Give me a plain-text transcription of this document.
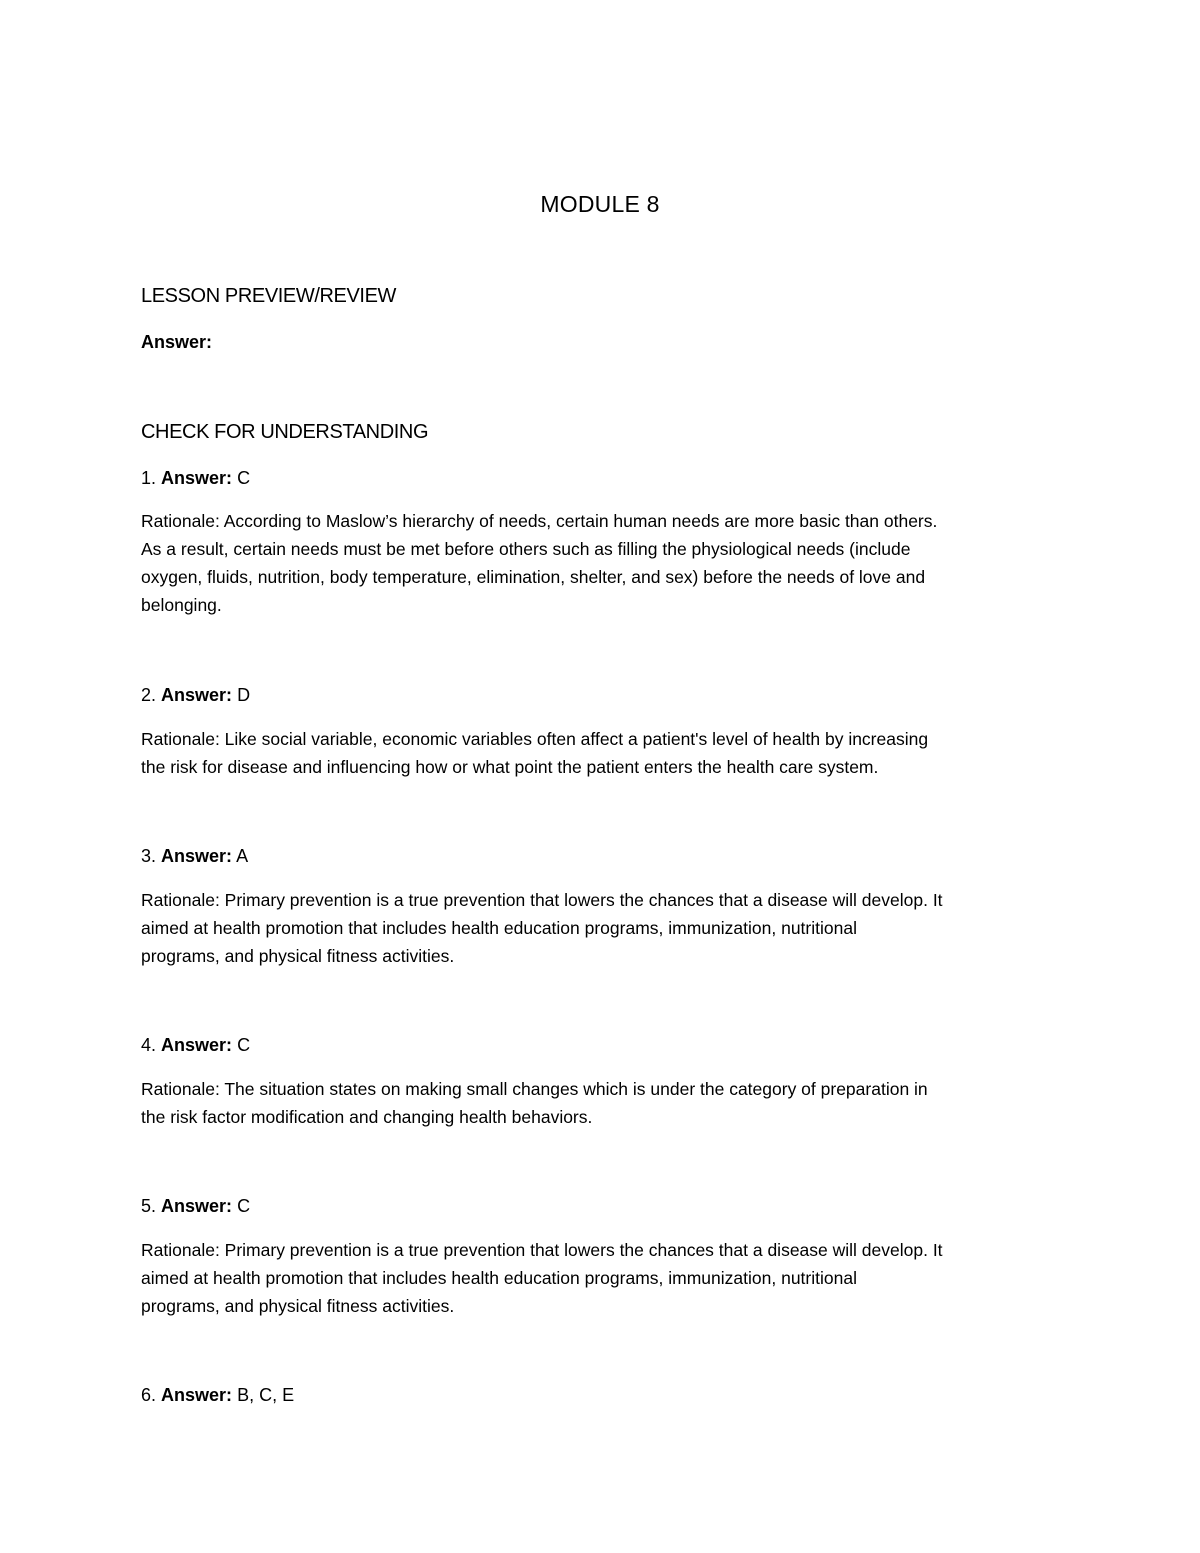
MODULE 8
LESSON PREVIEW/REVIEW
Answer:
CHECK FOR UNDERSTANDING
1. Answer: C

Rationale: According to Maslow’s hierarchy of needs, certain human needs are more basic than others.

As a result, certain needs must be met before others such as filling the physiological needs (include

oxygen, fluids, nutrition, body temperature, elimination, shelter, and sex) before the needs of love and

belonging.

2. Answer: D

Rationale: Like social variable, economic variables often affect a patient's level of health by increasing

the risk for disease and influencing how or what point the patient enters the health care system.

3. Answer: A

Rationale: Primary prevention is a true prevention that lowers the chances that a disease will develop. It

aimed at health promotion that includes health education programs, immunization, nutritional

programs, and physical fitness activities.

4. Answer: C

Rationale: The situation states on making small changes which is under the category of preparation in

the risk factor modification and changing health behaviors.

5. Answer: C

Rationale: Primary prevention is a true prevention that lowers the chances that a disease will develop. It

aimed at health promotion that includes health education programs, immunization, nutritional

programs, and physical fitness activities.

6. Answer: B, C, E
